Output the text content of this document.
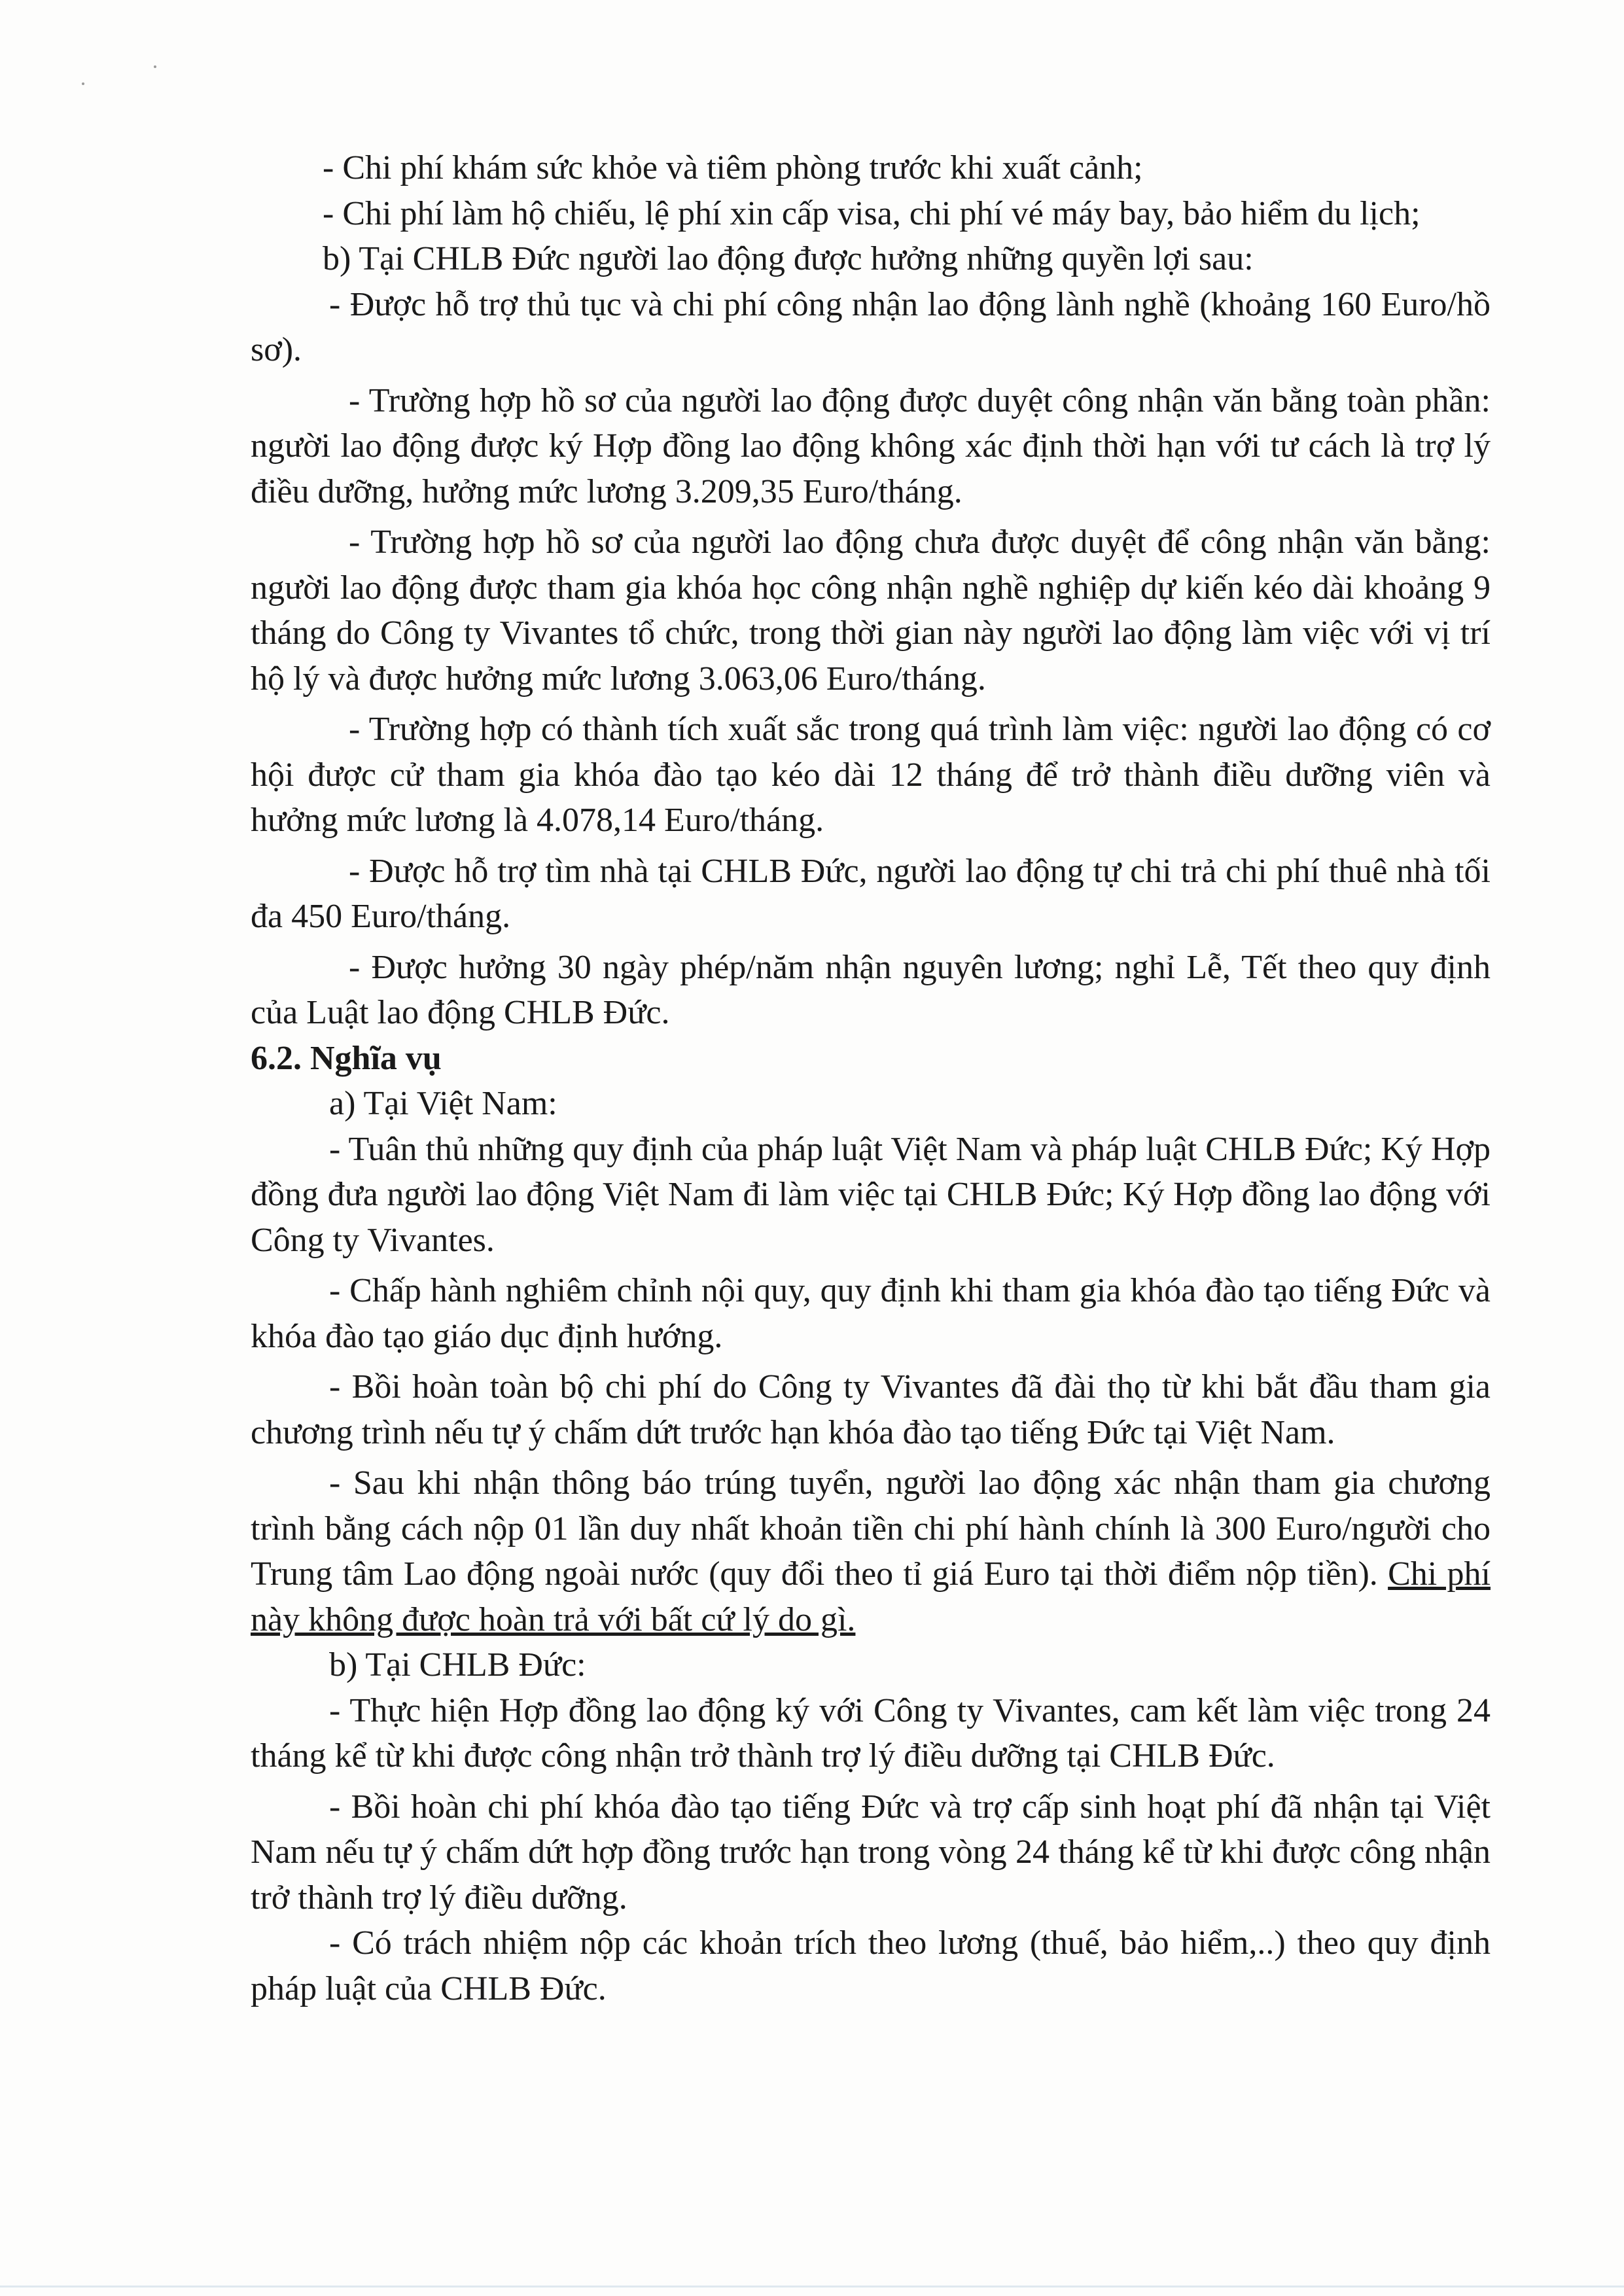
- Chi phí khám sức khỏe và tiêm phòng trước khi xuất cảnh;

- Chi phí làm hộ chiếu, lệ phí xin cấp visa, chi phí vé máy bay, bảo hiểm du lịch;

b) Tại CHLB Đức người lao động được hưởng những quyền lợi sau:

- Được hỗ trợ thủ tục và chi phí công nhận lao động lành nghề (khoảng 160 Euro/hồ sơ).

- Trường hợp hồ sơ của người lao động được duyệt công nhận văn bằng toàn phần: người lao động được ký Hợp đồng lao động không xác định thời hạn với tư cách là trợ lý điều dưỡng, hưởng mức lương 3.209,35 Euro/tháng.

- Trường hợp hồ sơ của người lao động chưa được duyệt để công nhận văn bằng: người lao động được tham gia khóa học công nhận nghề nghiệp dự kiến kéo dài khoảng 9 tháng do Công ty Vivantes tổ chức, trong thời gian này người lao động làm việc với vị trí hộ lý và được hưởng mức lương 3.063,06 Euro/tháng.

- Trường hợp có thành tích xuất sắc trong quá trình làm việc: người lao động có cơ hội được cử tham gia khóa đào tạo kéo dài 12 tháng để trở thành điều dưỡng viên và hưởng mức lương là 4.078,14 Euro/tháng.

- Được hỗ trợ tìm nhà tại CHLB Đức, người lao động tự chi trả chi phí thuê nhà tối đa 450 Euro/tháng.

- Được hưởng 30 ngày phép/năm nhận nguyên lương; nghỉ Lễ, Tết theo quy định của Luật lao động CHLB Đức.

6.2. Nghĩa vụ

a) Tại Việt Nam:

- Tuân thủ những quy định của pháp luật Việt Nam và pháp luật CHLB Đức; Ký Hợp đồng đưa người lao động Việt Nam đi làm việc tại CHLB Đức; Ký Hợp đồng lao động với Công ty Vivantes.

- Chấp hành nghiêm chỉnh nội quy, quy định khi tham gia khóa đào tạo tiếng Đức và khóa đào tạo giáo dục định hướng.

- Bồi hoàn toàn bộ chi phí do Công ty Vivantes đã đài thọ từ khi bắt đầu tham gia chương trình nếu tự ý chấm dứt trước hạn khóa đào tạo tiếng Đức tại Việt Nam.

- Sau khi nhận thông báo trúng tuyển, người lao động xác nhận tham gia chương trình bằng cách nộp 01 lần duy nhất khoản tiền chi phí hành chính là 300 Euro/người cho Trung tâm Lao động ngoài nước (quy đổi theo tỉ giá Euro tại thời điểm nộp tiền). Chi phí này không được hoàn trả với bất cứ lý do gì.

b) Tại CHLB Đức:

- Thực hiện Hợp đồng lao động ký với Công ty Vivantes, cam kết làm việc trong 24 tháng kể từ khi được công nhận trở thành trợ lý điều dưỡng tại CHLB Đức.

- Bồi hoàn chi phí khóa đào tạo tiếng Đức và trợ cấp sinh hoạt phí đã nhận tại Việt Nam nếu tự ý chấm dứt hợp đồng trước hạn trong vòng 24 tháng kể từ khi được công nhận trở thành trợ lý điều dưỡng.

- Có trách nhiệm nộp các khoản trích theo lương (thuế, bảo hiểm,..) theo quy định pháp luật của CHLB Đức.
